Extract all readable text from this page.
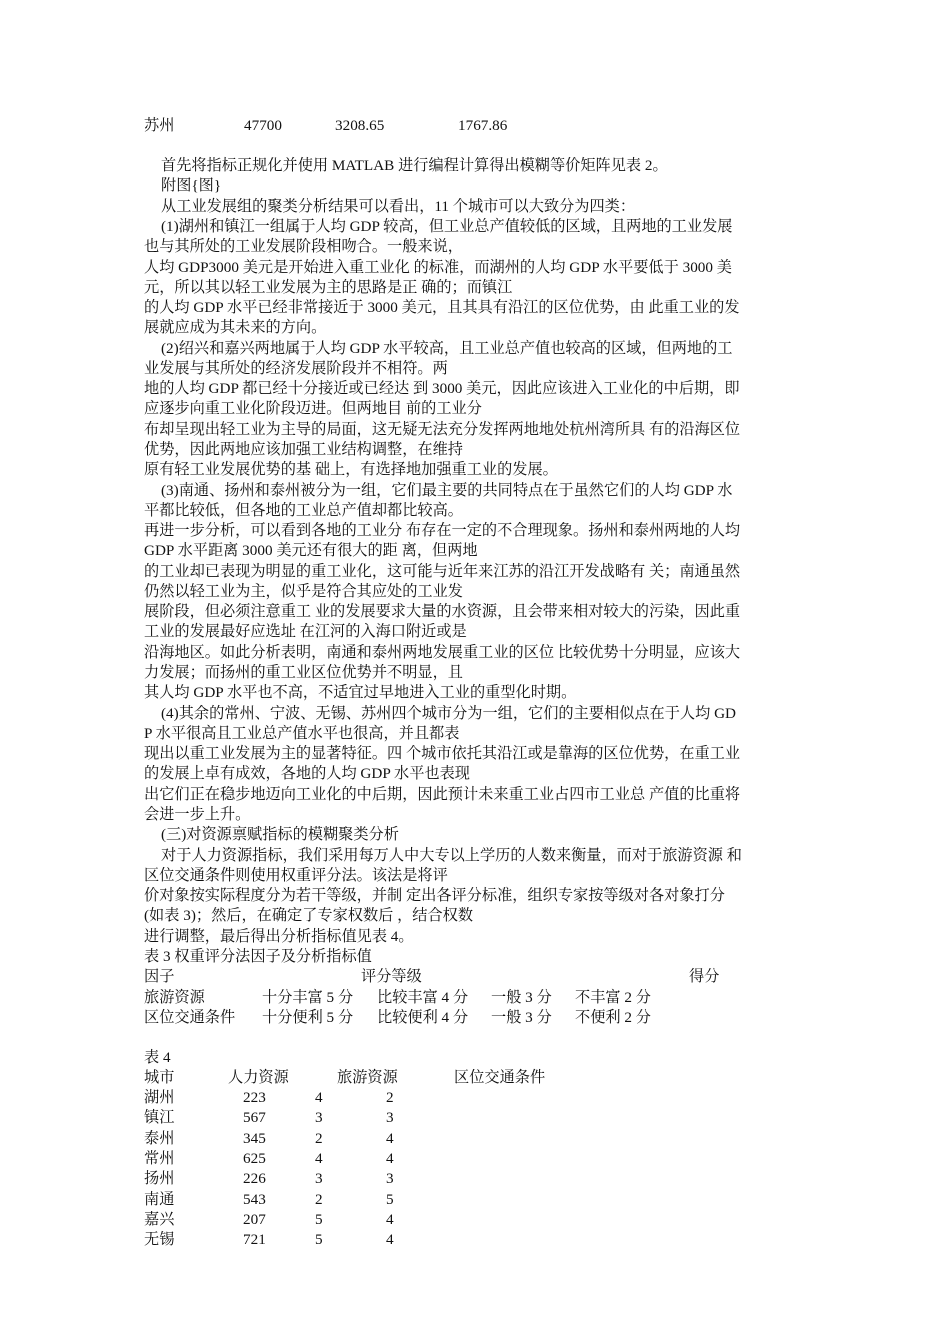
苏州	47700	3208.65	1767.86
首先将指标正规化并使用 MATLAB 进行编程计算得出模糊等价矩阵见表 2。
附图{图}
从工业发展组的聚类分析结果可以看出，11 个城市可以大致分为四类：
(1)湖州和镇江一组属于人均 GDP 较高，但工业总产值较低的区域，且两地的工业发展
也与其所处的工业发展阶段相吻合。一般来说，
人均 GDP3000 美元是开始进入重工业化 的标准，而湖州的人均 GDP 水平要低于 3000 美
元，所以其以轻工业发展为主的思路是正 确的；而镇江
的人均 GDP 水平已经非常接近于 3000 美元，且其具有沿江的区位优势，由 此重工业的发
展就应成为其未来的方向。
(2)绍兴和嘉兴两地属于人均 GDP 水平较高，且工业总产值也较高的区域，但两地的工
业发展与其所处的经济发展阶段并不相符。两
地的人均 GDP 都已经十分接近或已经达 到 3000 美元，因此应该进入工业化的中后期，即
应逐步向重工业化阶段迈进。但两地目 前的工业分
布却呈现出轻工业为主导的局面，这无疑无法充分发挥两地地处杭州湾所具 有的沿海区位
优势，因此两地应该加强工业结构调整，在维持
原有轻工业发展优势的基 础上，有选择地加强重工业的发展。
(3)南通、扬州和泰州被分为一组，它们最主要的共同特点在于虽然它们的人均 GDP 水
平都比较低，但各地的工业总产值却都比较高。
再进一步分析，可以看到各地的工业分 布存在一定的不合理现象。扬州和泰州两地的人均
GDP 水平距离 3000 美元还有很大的距 离，但两地
的工业却已表现为明显的重工业化，这可能与近年来江苏的沿江开发战略有 关；南通虽然
仍然以轻工业为主，似乎是符合其应处的工业发
展阶段，但必须注意重工 业的发展要求大量的水资源，且会带来相对较大的污染，因此重
工业的发展最好应选址 在江河的入海口附近或是
沿海地区。如此分析表明，南通和泰州两地发展重工业的区位 比较优势十分明显，应该大
力发展；而扬州的重工业区位优势并不明显，且
其人均 GDP 水平也不高，不适宜过早地进入工业的重型化时期。
(4)其余的常州、宁波、无锡、苏州四个城市分为一组，它们的主要相似点在于人均 GD
P 水平很高且工业总产值水平也很高，并且都表
现出以重工业发展为主的显著特征。四 个城市依托其沿江或是靠海的区位优势，在重工业
的发展上卓有成效，各地的人均 GDP 水平也表现
出它们正在稳步地迈向工业化的中后期，因此预计未来重工业占四市工业总 产值的比重将
会进一步上升。
(三)对资源禀赋指标的模糊聚类分析
对于人力资源指标，我们采用每万人中大专以上学历的人数来衡量，而对于旅游资源 和
区位交通条件则使用权重评分法。该法是将评
价对象按实际程度分为若干等级，并制 定出各评分标准，组织专家按等级对各对象打分
(如表 3)；然后，在确定了专家权数后 ，结合权数
进行调整，最后得出分析指标值见表 4。
表 3 权重评分法因子及分析指标值
因子	评分等级	得分
旅游资源	十分丰富 5 分 比较丰富 4 分 一般 3 分 不丰富 2 分
区位交通条件 十分便利 5 分 比较便利 4 分 一般 3 分 不便利 2 分
表 4
城市	人力资源	旅游资源	区位交通条件
湖州	223	4	2
镇江	567	3	3
泰州	345	2	4
常州	625	4	4
扬州	226	3	3
南通	543	2	5
嘉兴	207	5	4
无锡	721	5	4
